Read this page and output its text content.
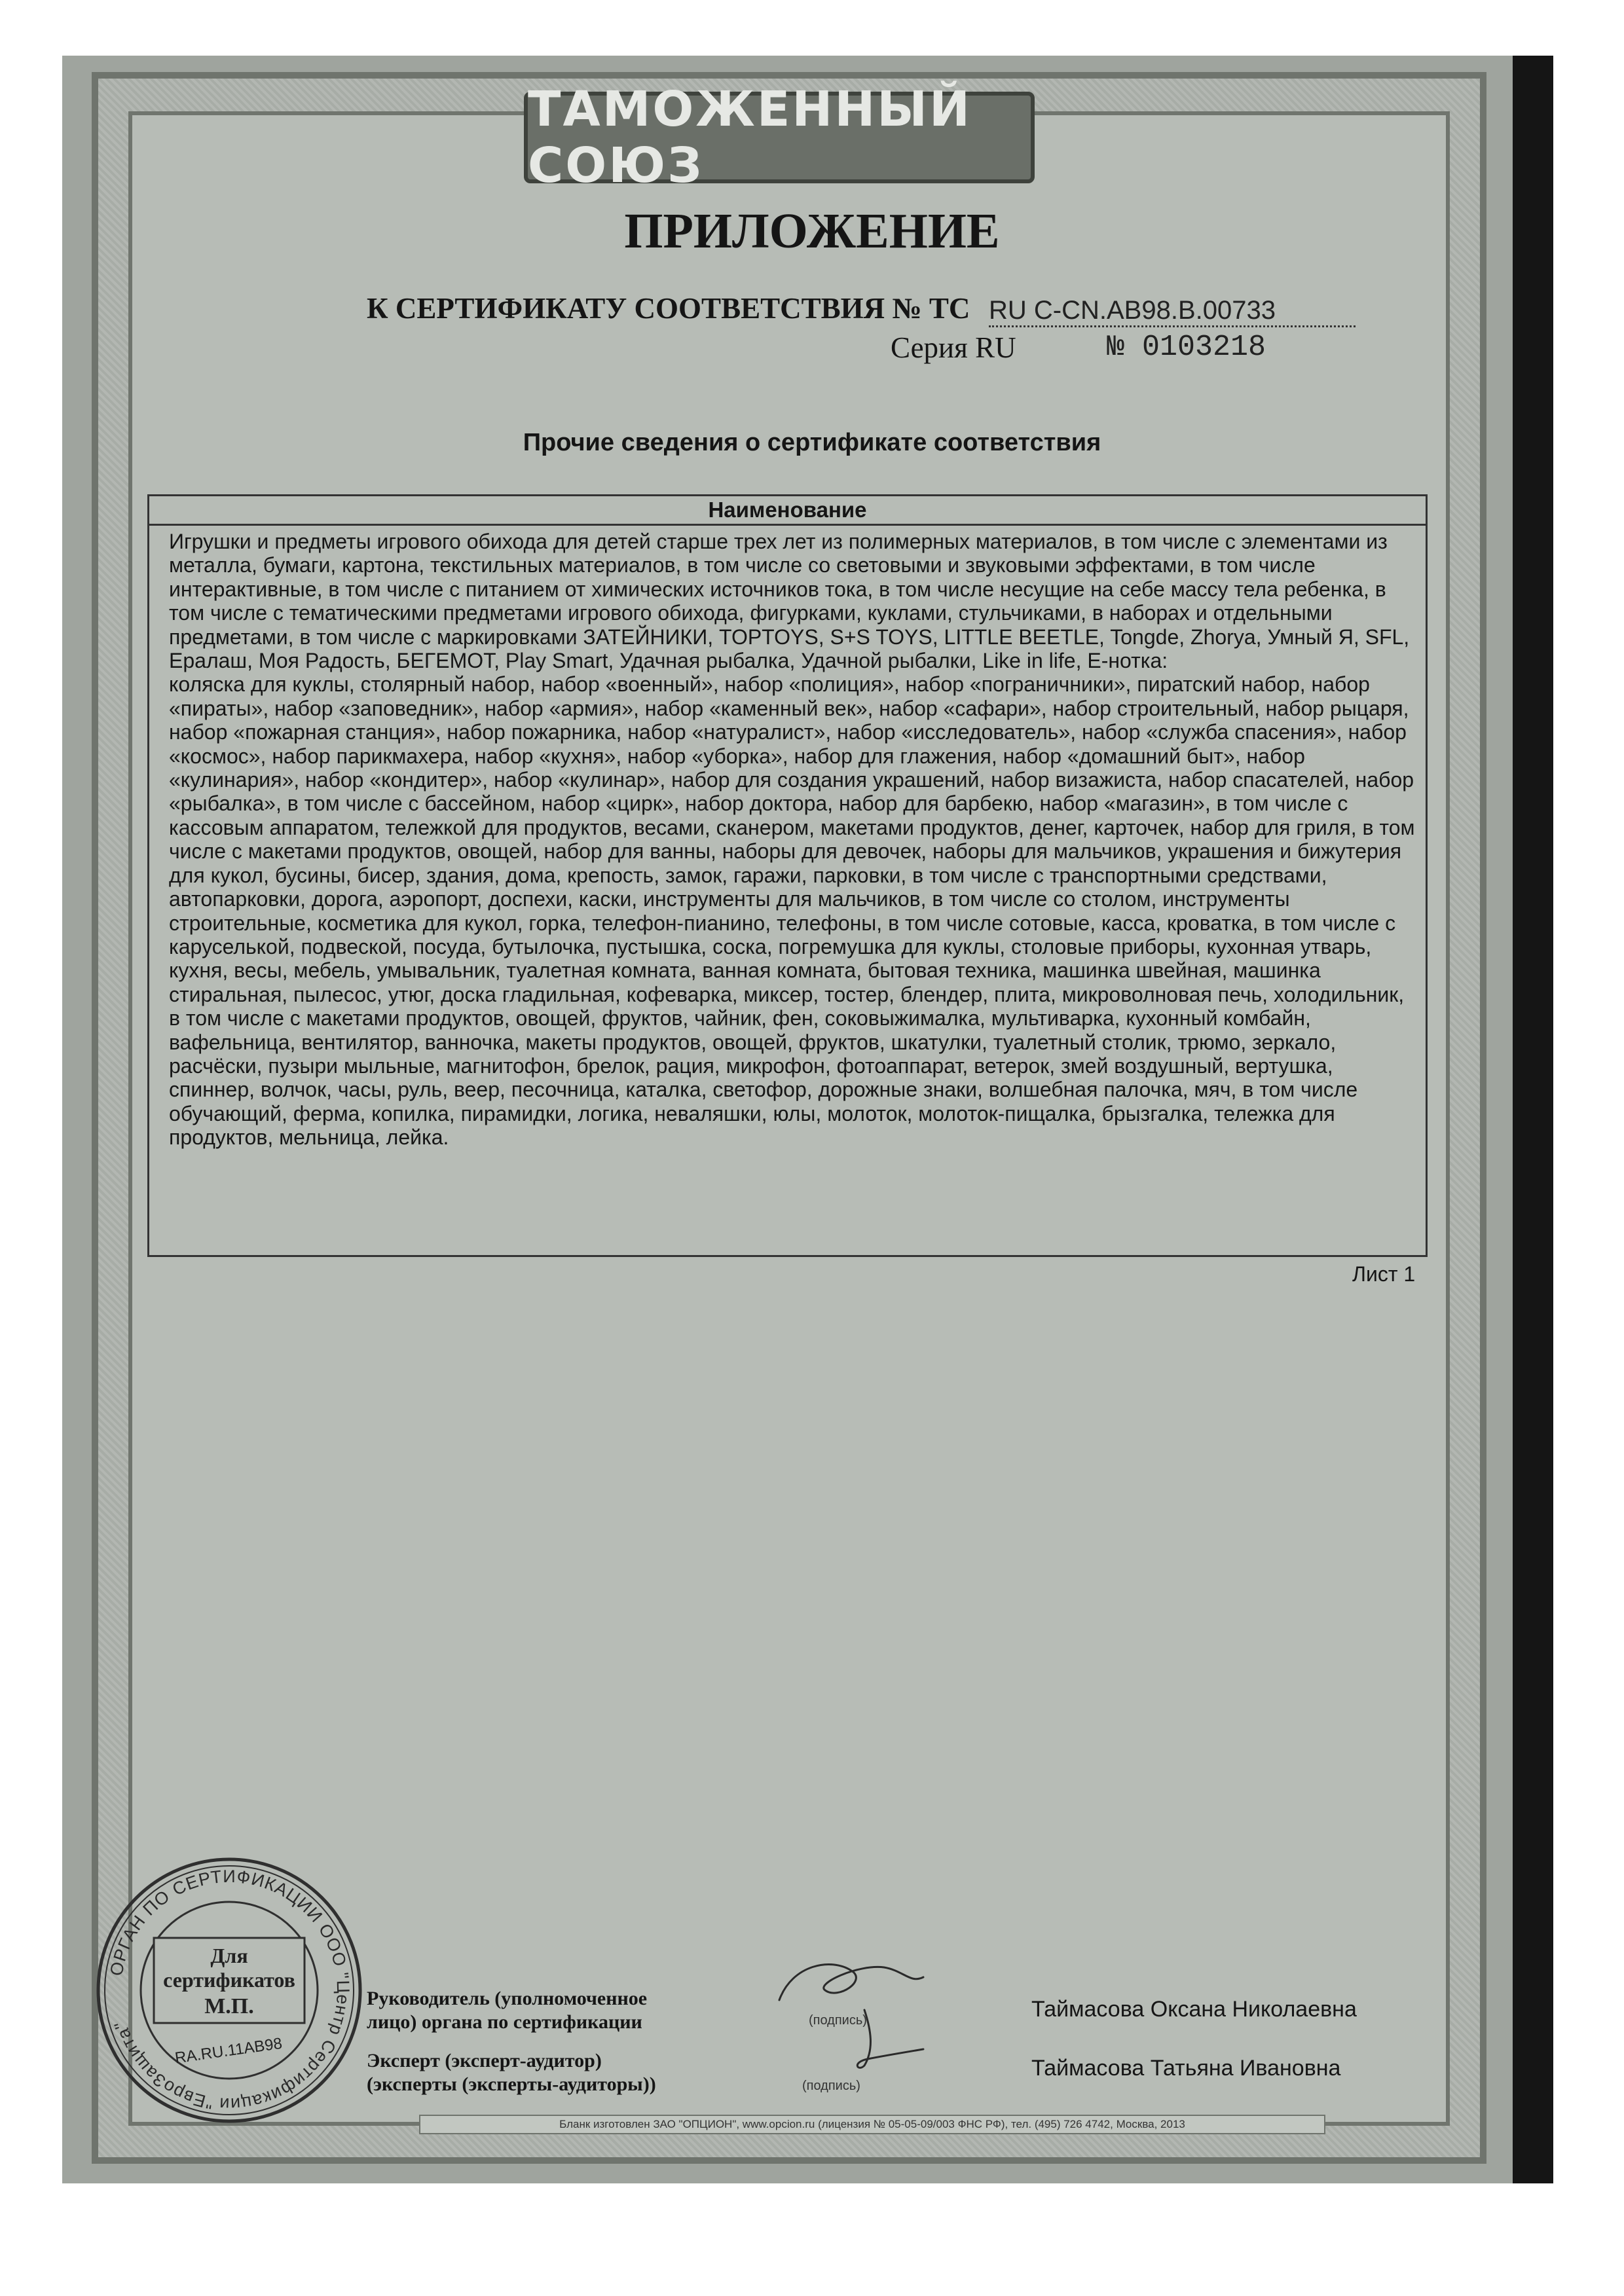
ТАМОЖЕННЫЙ СОЮЗ
ПРИЛОЖЕНИЕ
К СЕРТИФИКАТУ СООТВЕТСТВИЯ № ТС RU C-CN.AB98.B.00733
Серия RU	№ 0103218
Прочие сведения о сертификате соответствия
Наименование

Игрушки и предметы игрового обихода для детей старше трех лет из полимерных материалов, в том числе с элементами из металла, бумаги, картона, текстильных материалов, в том числе со световыми и звуковыми эффектами, в том числе интерактивные, в том числе с питанием от химических источников тока, в том числе несущие на себе массу тела ребенка, в том числе с тематическими предметами игрового обихода, фигурками, куклами, стульчиками, в наборах и отдельными предметами, в том числе с маркировками ЗАТЕЙНИКИ, TOPTOYS, S+S TOYS, LITTLE BEETLE, Tongde, Zhorya, Умный Я, SFL, Ералаш, Моя Радость, БЕГЕМОТ, Play Smart, Удачная рыбалка, Удачной рыбалки, Like in life, E-нотка:

коляска для куклы, столярный набор, набор «военный», набор «полиция», набор «пограничники», пиратский набор, набор «пираты», набор «заповедник», набор «армия», набор «каменный век», набор «сафари», набор строительный, набор рыцаря, набор «пожарная станция», набор пожарника, набор «натуралист», набор «исследователь», набор «служба спасения», набор «космос», набор парикмахера, набор «кухня», набор «уборка», набор для глажения, набор «домашний быт», набор «кулинария», набор «кондитер», набор «кулинар», набор для создания украшений, набор визажиста, набор спасателей, набор «рыбалка», в том числе с бассейном, набор «цирк», набор доктора, набор для барбекю, набор «магазин», в том числе с кассовым аппаратом, тележкой для продуктов, весами, сканером, макетами продуктов, денег, карточек, набор для гриля, в том числе с макетами продуктов, овощей, набор для ванны, наборы для девочек, наборы для мальчиков, украшения и бижутерия для кукол, бусины, бисер, здания, дома, крепость, замок, гаражи, парковки, в том числе с транспортными средствами, автопарковки, дорога, аэропорт, доспехи, каски, инструменты для мальчиков, в том числе со столом, инструменты строительные, косметика для кукол, горка, телефон-пианино, телефоны, в том числе сотовые, касса, кроватка, в том числе с каруселькой, подвеской, посуда, бутылочка, пустышка, соска, погремушка для куклы, столовые приборы, кухонная утварь, кухня, весы, мебель, умывальник, туалетная комната, ванная комната, бытовая техника, машинка швейная, машинка стиральная, пылесос, утюг, доска гладильная, кофеварка, миксер, тостер, блендер, плита, микроволновая печь, холодильник, в том числе с макетами продуктов, овощей, фруктов, чайник, фен, соковыжималка, мультиварка, кухонный комбайн, вафельница, вентилятор, ванночка, макеты продуктов, овощей, фруктов, шкатулки, туалетный столик, трюмо, зеркало, расчёски, пузыри мыльные, магнитофон, брелок, рация, микрофон, фотоаппарат, ветерок, змей воздушный, вертушка, спиннер, волчок, часы, руль, веер, песочница, каталка, светофор, дорожные знаки, волшебная палочка, мяч, в том числе обучающий, ферма, копилка, пирамидки, логика, неваляшки, юлы, молоток, молоток-пищалка, брызгалка, тележка для продуктов, мельница, лейка.

Лист 1
ОРГАН ПО СЕРТИФИКАЦИИ ООО "Центр Сертификации "ЕвроЗащита"
Для
сертификатов
М.П.
RA.RU.11AB98
Руководитель (уполномоченное
лицо) органа по сертификации	(подпись)	Таймасова Оксана Николаевна
Эксперт (эксперт-аудитор)
(эксперты (эксперты-аудиторы))	(подпись)
Таймасова Татьяна Ивановна
Бланк изготовлен ЗАО "ОПЦИОН", www.opcion.ru (лицензия № 05-05-09/003 ФНС РФ), тел. (495) 726 4742, Москва, 2013
